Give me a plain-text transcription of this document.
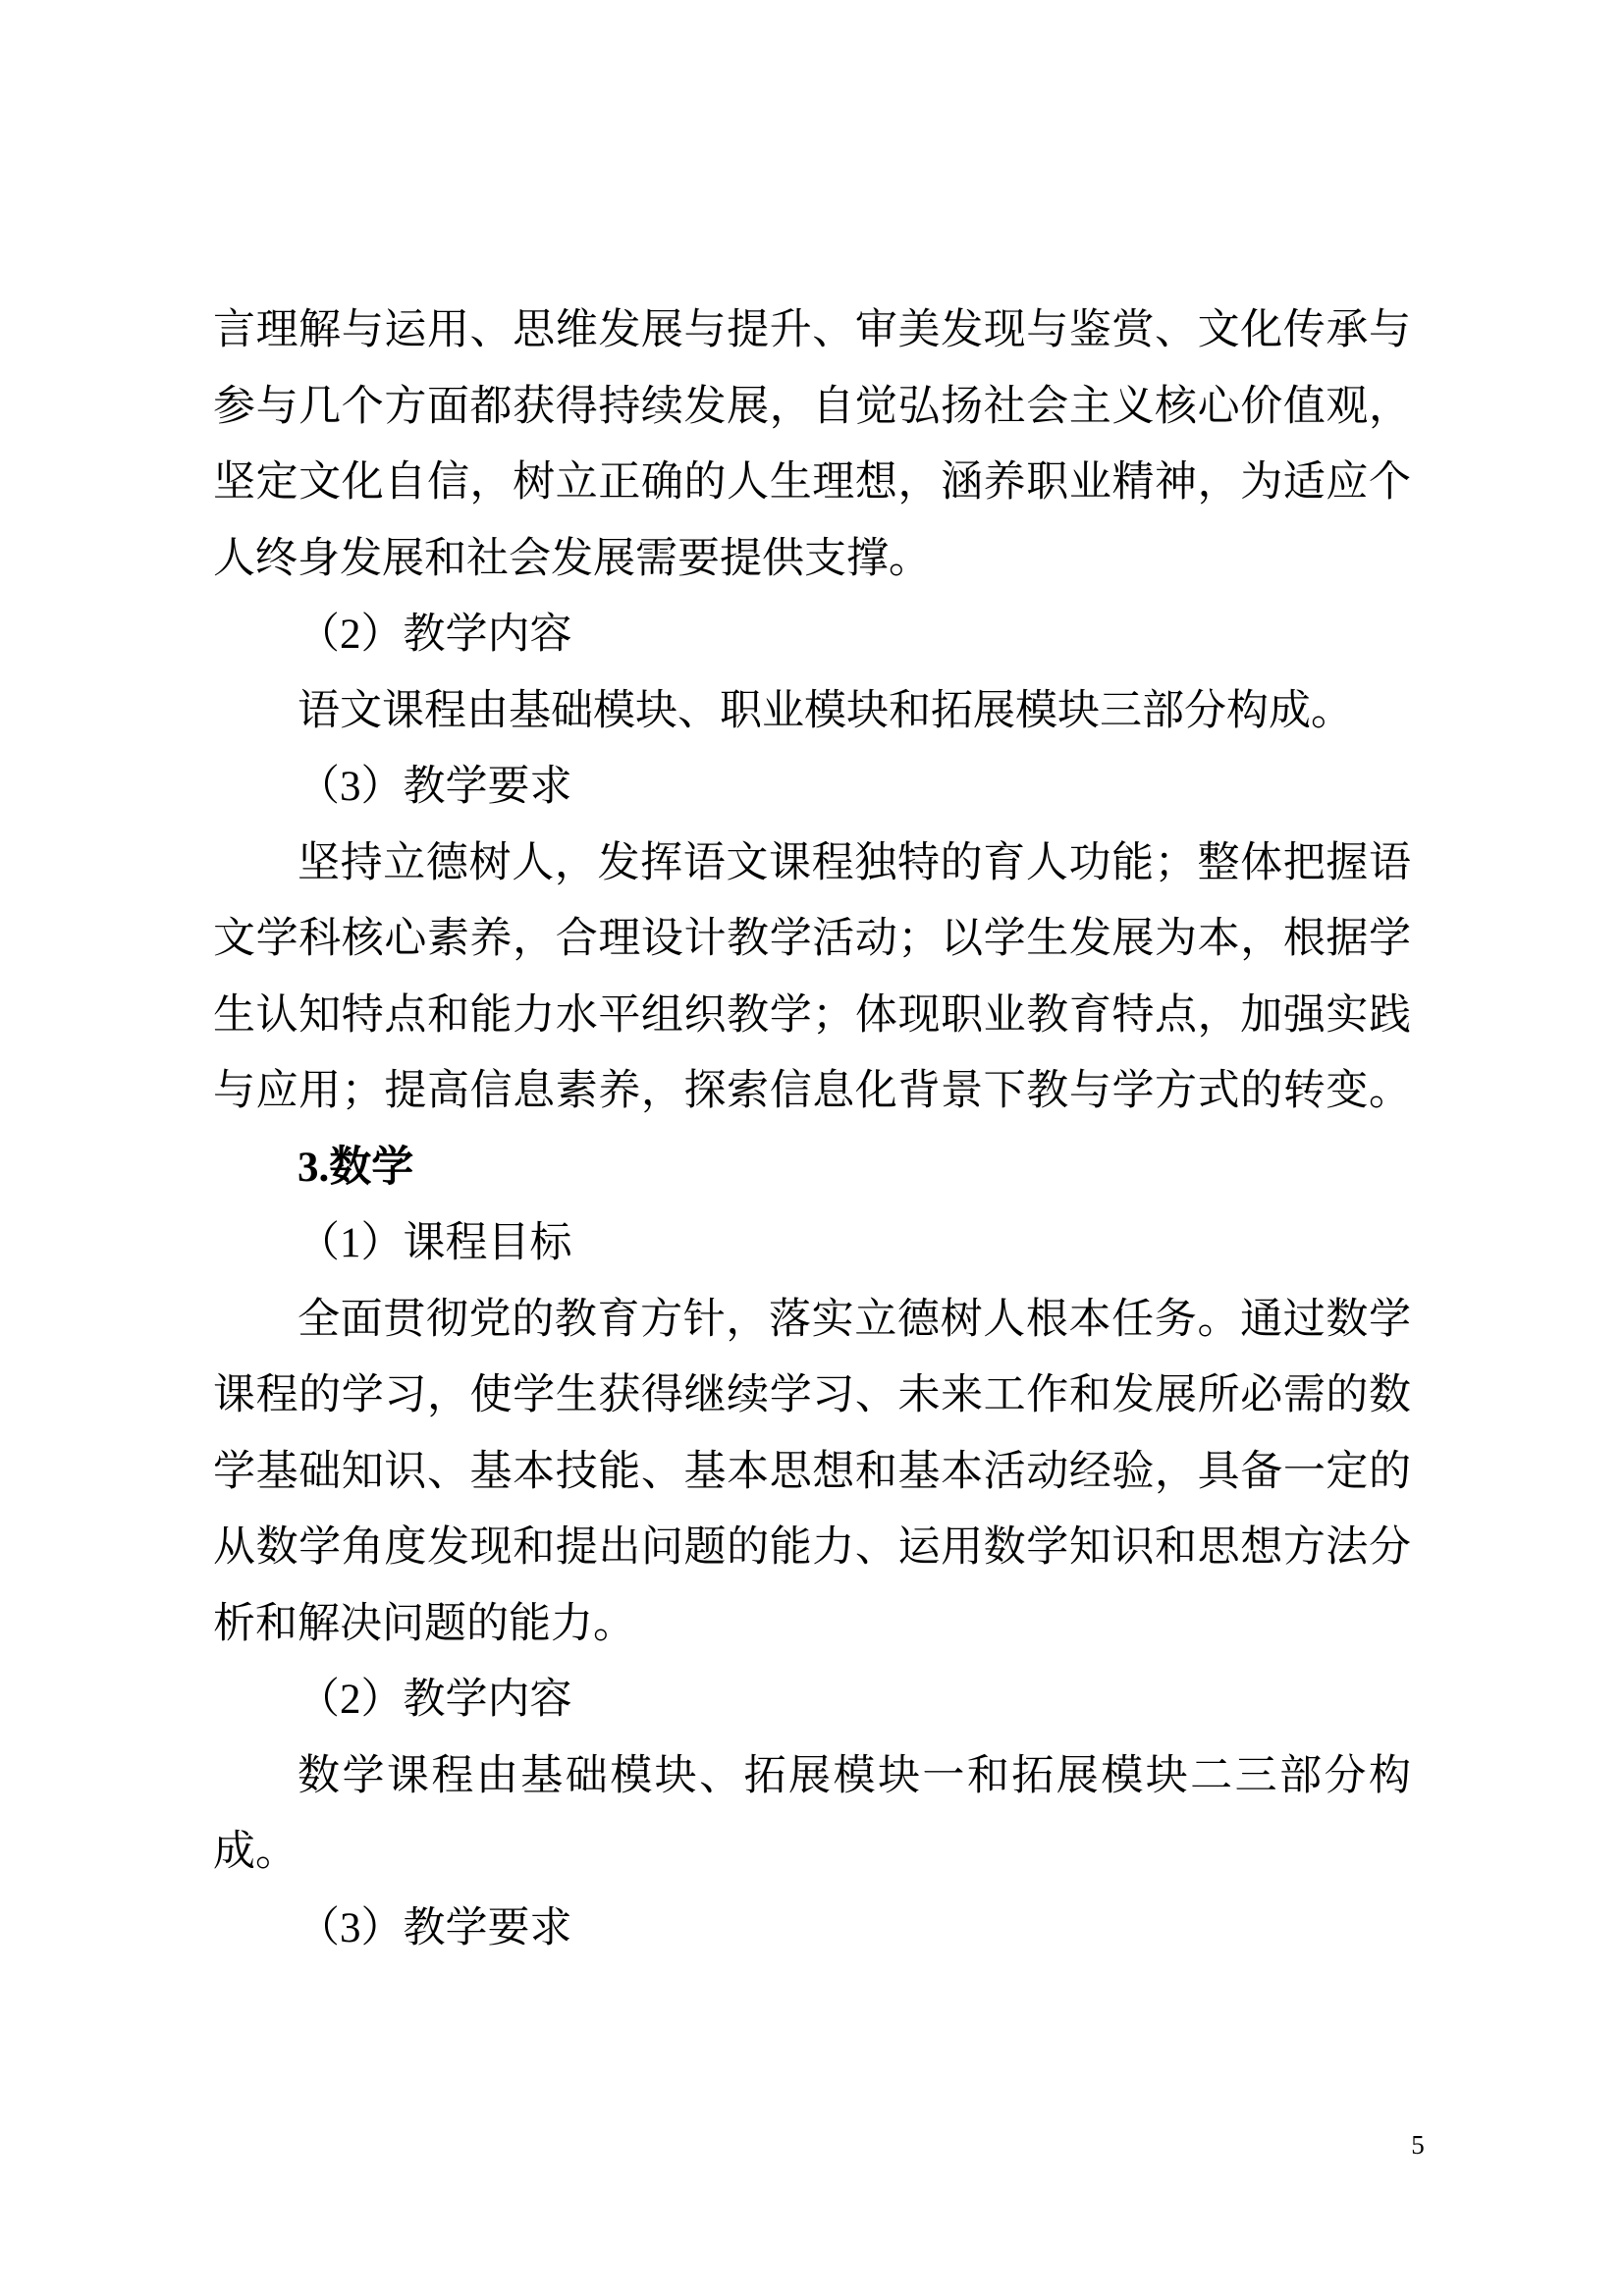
言理解与运用、思维发展与提升、审美发现与鉴赏、文化传承与
参与几个方面都获得持续发展，自觉弘扬社会主义核心价值观，
坚定文化自信，树立正确的人生理想，涵养职业精神，为适应个
人终身发展和社会发展需要提供支撑。
（2）教学内容
语文课程由基础模块、职业模块和拓展模块三部分构成。
（3）教学要求
坚持立德树人，发挥语文课程独特的育人功能；整体把握语
文学科核心素养，合理设计教学活动；以学生发展为本，根据学
生认知特点和能力水平组织教学；体现职业教育特点，加强实践
与应用；提高信息素养，探索信息化背景下教与学方式的转变。
3.数学
（1）课程目标
全面贯彻党的教育方针，落实立德树人根本任务。通过数学
课程的学习，使学生获得继续学习、未来工作和发展所必需的数
学基础知识、基本技能、基本思想和基本活动经验，具备一定的
从数学角度发现和提出问题的能力、运用数学知识和思想方法分
析和解决问题的能力。
（2）教学内容
数学课程由基础模块、拓展模块一和拓展模块二三部分构
成。
（3）教学要求
5
